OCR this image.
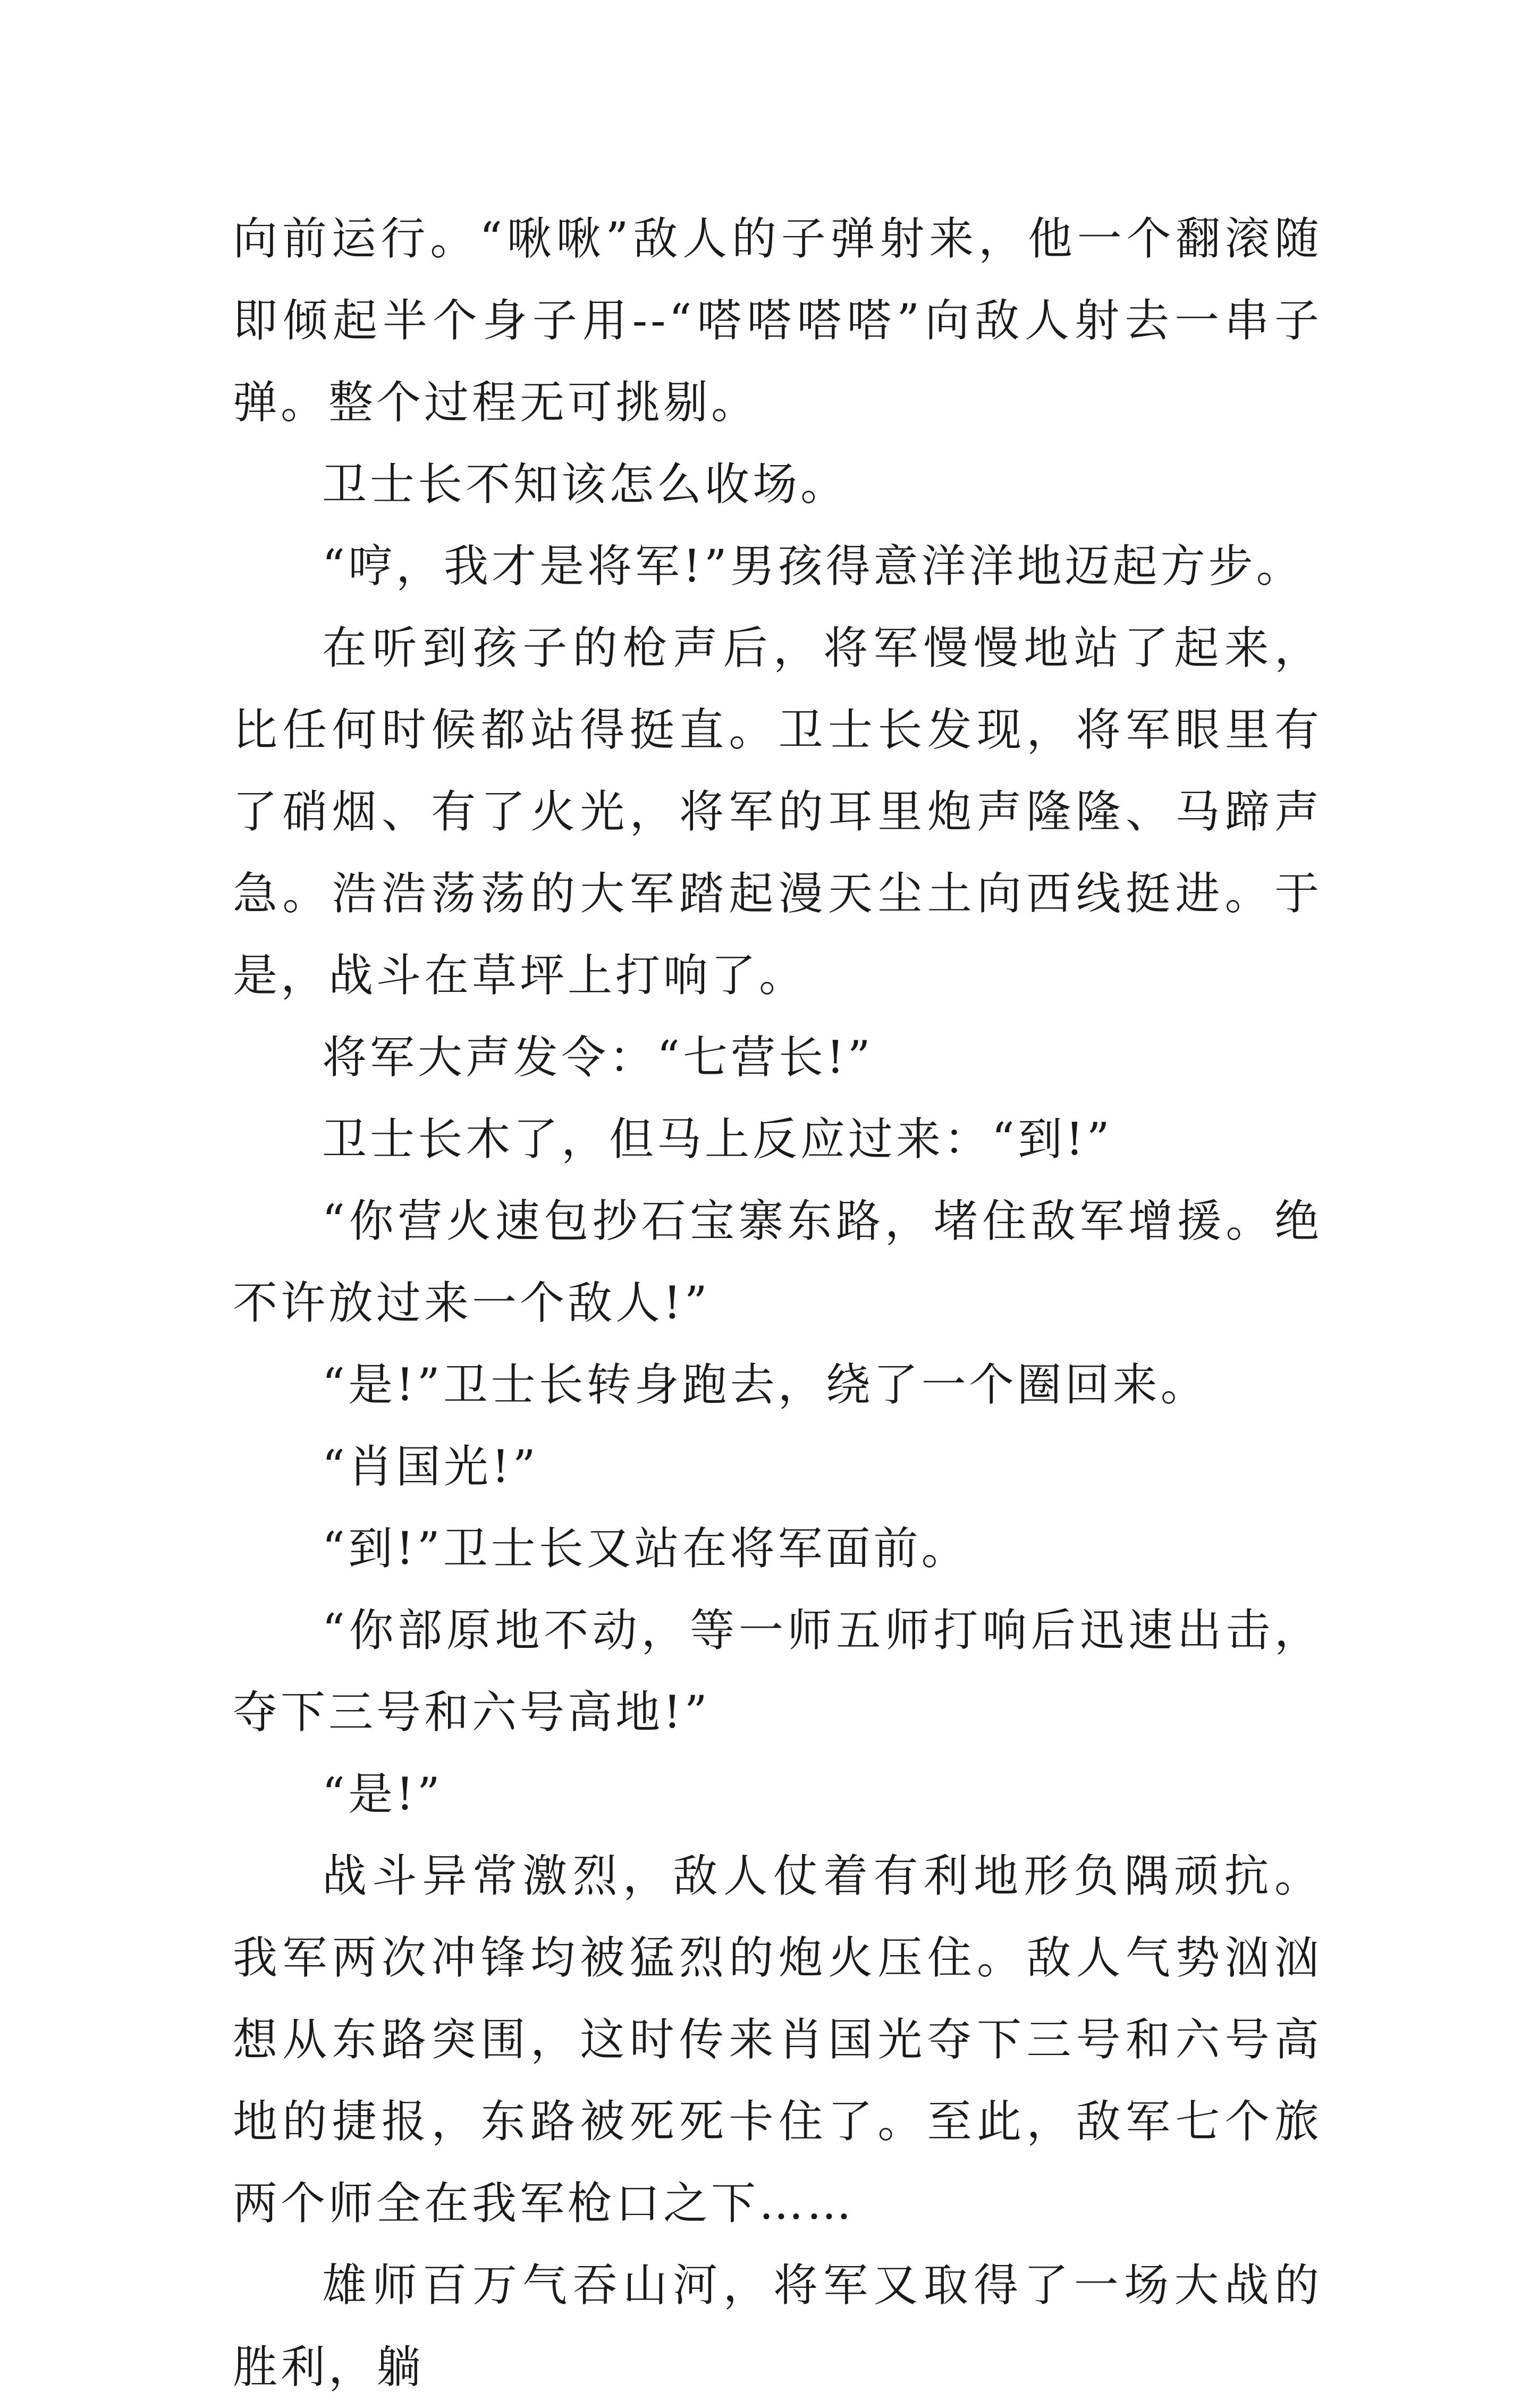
向前运行。“啾啾”敌人的子弹射来，他一个翻滚随即倾起半个身子用--“嗒嗒嗒嗒”向敌人射去一串子弹。整个过程无可挑剔。

卫士长不知该怎么收场。

“哼，我才是将军!”男孩得意洋洋地迈起方步。

在听到孩子的枪声后，将军慢慢地站了起来，比任何时候都站得挺直。卫士长发现，将军眼里有了硝烟、有了火光，将军的耳里炮声隆隆、马蹄声急。浩浩荡荡的大军踏起漫天尘土向西线挺进。于是，战斗在草坪上打响了。

将军大声发令：“七营长!”

卫士长木了，但马上反应过来：“到!”

“你营火速包抄石宝寨东路，堵住敌军增援。绝不许放过来一个敌人!”

“是!”卫士长转身跑去，绕了一个圈回来。

“肖国光!”

“到!”卫士长又站在将军面前。

“你部原地不动，等一师五师打响后迅速出击，夺下三号和六号高地!”

“是!”

战斗异常激烈，敌人仗着有利地形负隅顽抗。我军两次冲锋均被猛烈的炮火压住。敌人气势汹汹想从东路突围，这时传来肖国光夺下三号和六号高地的捷报，东路被死死卡住了。至此，敌军七个旅两个师全在我军枪口之下……

雄师百万气吞山河，将军又取得了一场大战的胜利，躺
